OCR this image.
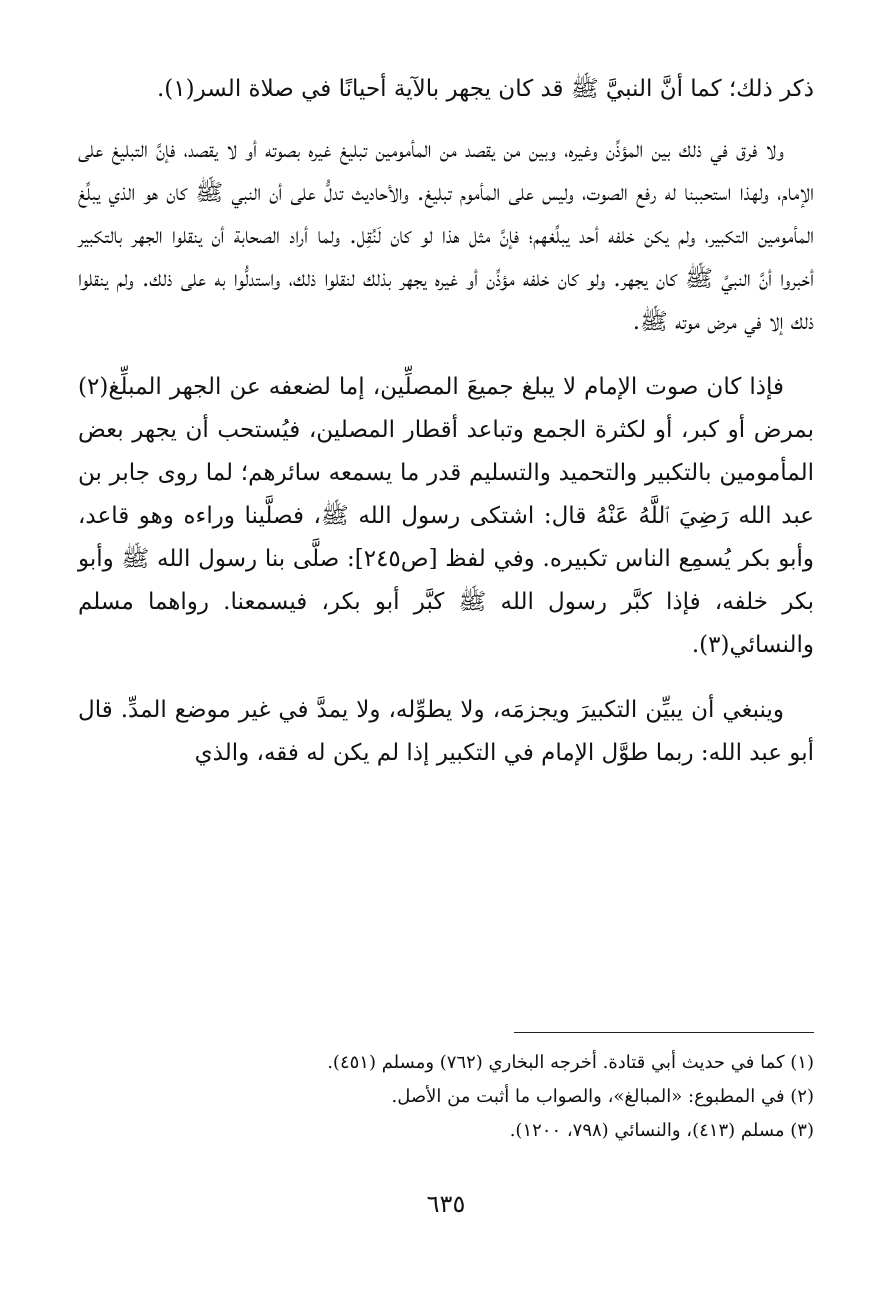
ذكر ذلك؛ كما أنَّ النبيَّ ﷺ قد كان يجهر بالآية أحيانًا في صلاة السر(١).

ولا فرق في ذلك بين المؤذِّن وغيره، وبين من يقصد من المأمومين تبليغ غيره بصوته أو لا يقصد، فإنَّ التبليغ على الإمام، ولهذا استحببنا له رفع الصوت، وليس على المأموم تبليغ. والأحاديث تدلُّ على أن النبي ﷺ كان هو الذي يبلِّغ المأمومين التكبير، ولم يكن خلفه أحد يبلِّغهم؛ فإنَّ مثل هذا لو كان لَنُقِل. ولما أراد الصحابة أن ينقلوا الجهر بالتكبير أخبروا أنَّ النبيَّ ﷺ كان يجهر. ولو كان خلفه مؤذِّن أو غيره يجهر بذلك لنقلوا ذلك، واستدلُّوا به على ذلك. ولم ينقلوا ذلك إلا في مرض موته ﷺ.

فإذا كان صوت الإمام لا يبلغ جميعَ المصلِّين، إما لضعفه عن الجهر المبلِّغ(٢) بمرض أو كبر، أو لكثرة الجمع وتباعد أقطار المصلين، فيُستحب أن يجهر بعض المأمومين بالتكبير والتحميد والتسليم قدر ما يسمعه سائرهم؛ لما روى جابر بن عبد الله رَضِيَ ٱللَّهُ عَنْهُ قال: اشتكى رسول الله ﷺ، فصلَّينا وراءه وهو قاعد، وأبو بكر يُسمِع الناس تكبيره. وفي لفظ [ص٢٤٥]: صلَّى بنا رسول الله ﷺ وأبو بكر خلفه، فإذا كبَّر رسول الله ﷺ كبَّر أبو بكر، فيسمعنا. رواهما مسلم والنسائي(٣).

وينبغي أن يبيِّن التكبيرَ ويجزمَه، ولا يطوِّله، ولا يمدَّ في غير موضع المدِّ. قال أبو عبد الله: ربما طوَّل الإمام في التكبير إذا لم يكن له فقه، والذي

(١) كما في حديث أبي قتادة. أخرجه البخاري (٧٦٢) ومسلم (٤٥١).
(٢) في المطبوع: «المبالغ»، والصواب ما أثبت من الأصل.
(٣) مسلم (٤١٣)، والنسائي (٧٩٨، ١٢٠٠).
٦٣٥
